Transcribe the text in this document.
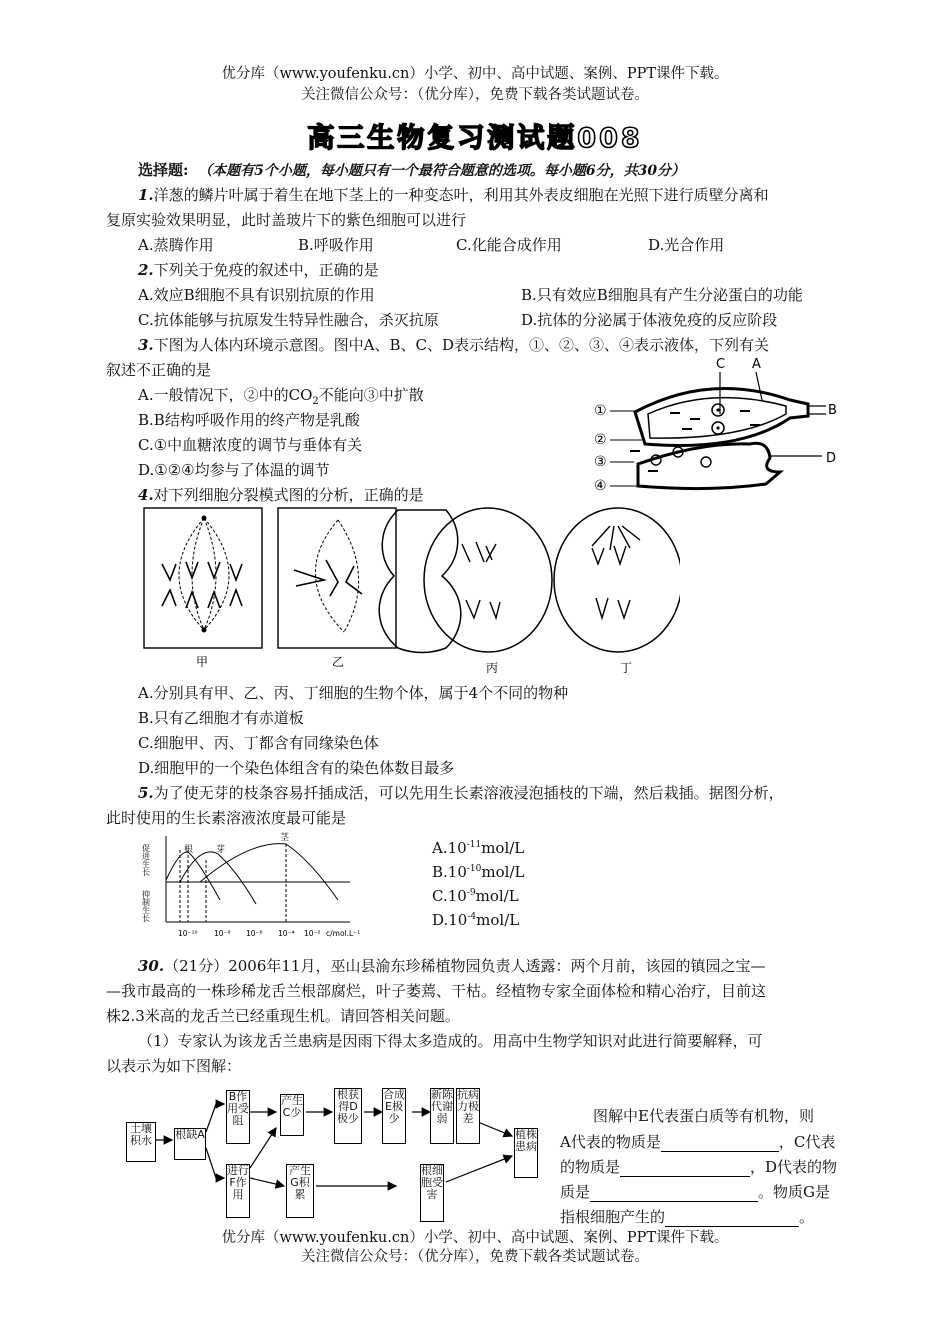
优分库（www.youfenku.cn）小学、初中、高中试题、案例、PPT课件下载。
关注微信公众号：（优分库），免费下载各类试题试卷。
高三生物复习测试题008
选择题: （本题有5个小题，每小题只有一个最符合题意的选项。每小题6分，共30分）
1.洋葱的鳞片叶属于着生在地下茎上的一种变态叶，利用其外表皮细胞在光照下进行质壁分离和
复原实验效果明显，此时盖玻片下的紫色细胞可以进行
A.蒸腾作用	B.呼吸作用	C.化能合成作用	D.光合作用
2.下列关于免疫的叙述中，正确的是
A.效应B细胞不具有识别抗原的作用	B.只有效应B细胞具有产生分泌蛋白的功能
C.抗体能够与抗原发生特异性融合，杀灭抗原	D.抗体的分泌属于体液免疫的反应阶段
3.下图为人体内环境示意图。图中A、B、C、D表示结构，①、②、③、④表示液体，下列有关
叙述不正确的是
A.一般情况下，②中的$CO_2$不能向③中扩散
B.B结构呼吸作用的终产物是乳酸
C.①中血糖浓度的调节与垂体有关
D.①②④均参与了体温的调节
C A
B
D
①
②
③
④
4.对下列细胞分裂模式图的分析，正确的是
甲	乙	丙	丁
A.分别具有甲、乙、丙、丁细胞的生物个体，属于4个不同的物种
B.只有乙细胞才有赤道板
C.细胞甲、丙、丁都含有同缘染色体
D.细胞甲的一个染色体组含有的染色体数目最多
5.为了使无芽的枝条容易扦插成活，可以先用生长素溶液浸泡插枝的下端，然后栽插。据图分析，
此时使用的生长素溶液浓度最可能是
促进生长
抑制生长
根	芽
茎
10⁻¹⁰ 10⁻⁸ 10⁻⁶ 10⁻⁴ 10⁻² c/mol.L⁻¹
$A.10^{-11}mol/L$
$B.10^{-10}mol/L$
$C.10^{-9}mol/L$
$D.10^{-4}mol/L$
30.（21分）2006年11月，巫山县渝东珍稀植物园负责人透露：两个月前，该园的镇园之宝—
—我市最高的一株珍稀龙舌兰根部腐烂，叶子萎蔫、干枯。经植物专家全面体检和精心治疗，目前这
株2.3米高的龙舌兰已经重现生机。请回答相关问题。
（1）专家认为该龙舌兰患病是因雨下得太多造成的。用高中生物学知识对此进行简要解释，可
以表示为如下图解：
土壤积水	根缺A
B作用受阻
进行F作用
产生C少
产生G积累
根获得D极少
合成E极少
新陈代谢弱
抗病力极差
根细胞受害
植株患病
图解中E代表蛋白质等有机物，则
A代表的物质是	，C代表
的物质是	，D代表的物
质是	。物质G是
指根细胞产生的	。
优分库（www.youfenku.cn）小学、初中、高中试题、案例、PPT课件下载。
关注微信公众号：（优分库），免费下载各类试题试卷。
